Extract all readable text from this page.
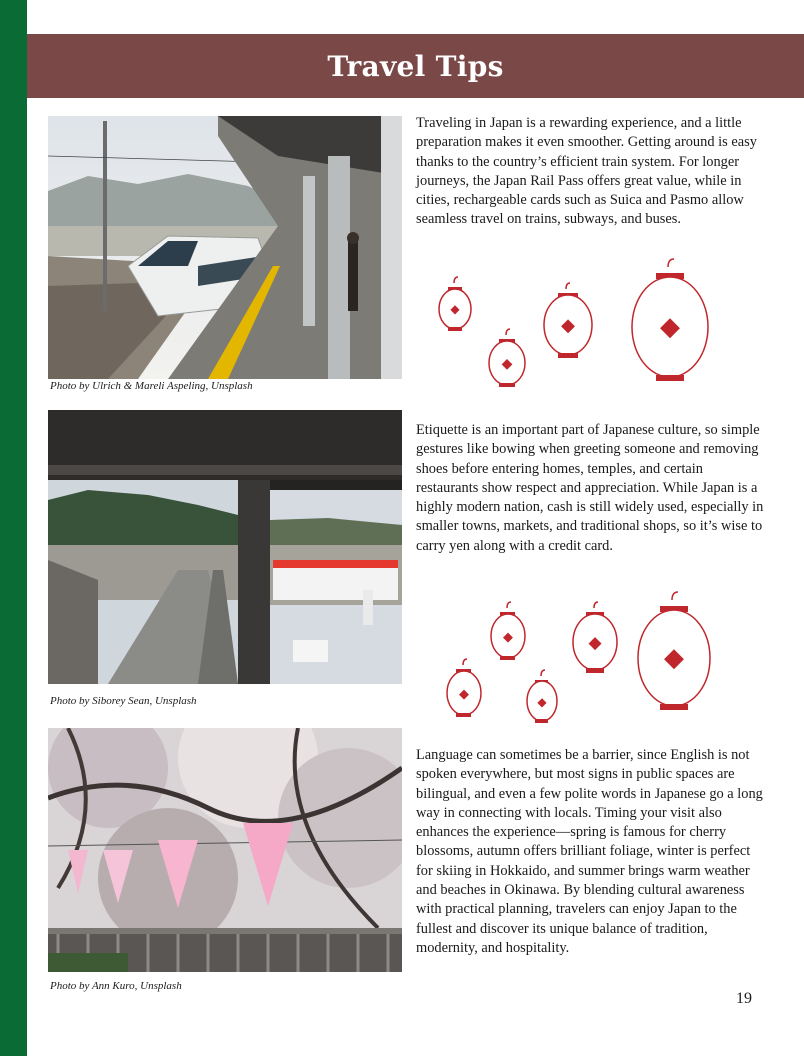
Travel Tips
Photo by Ulrich & Mareli Aspeling, Unsplash
Photo by Siborey Sean, Unsplash
Photo by Ann Kuro, Unsplash

Traveling in Japan is a rewarding experience, and a little preparation makes it even smoother. Getting around is easy thanks to the country’s efficient train system. For longer journeys, the Japan Rail Pass offers great value, while in cities, rechargeable cards such as Suica and Pasmo allow seamless travel on trains, subways, and buses.

Etiquette is an important part of Japanese culture, so simple gestures like bowing when greeting someone and removing shoes before entering homes, temples, and certain restaurants show respect and appreciation. While Japan is a highly modern nation, cash is still widely used, especially in smaller towns, markets, and traditional shops, so it’s wise to carry yen along with a credit card.

Language can sometimes be a barrier, since English is not spoken everywhere, but most signs in public spaces are bilingual, and even a few polite words in Japanese go a long way in connecting with locals. Timing your visit also enhances the experience—spring is famous for cherry blossoms, autumn offers brilliant foliage, winter is perfect for skiing in Hokkaido, and summer brings warm weather and beaches in Okinawa. By blending cultural awareness with practical planning, travelers can enjoy Japan to the fullest and discover its unique balance of tradition, modernity, and hospitality.

◆
◆
◆	◆
◆
◆
◆
◆ ◆
19
